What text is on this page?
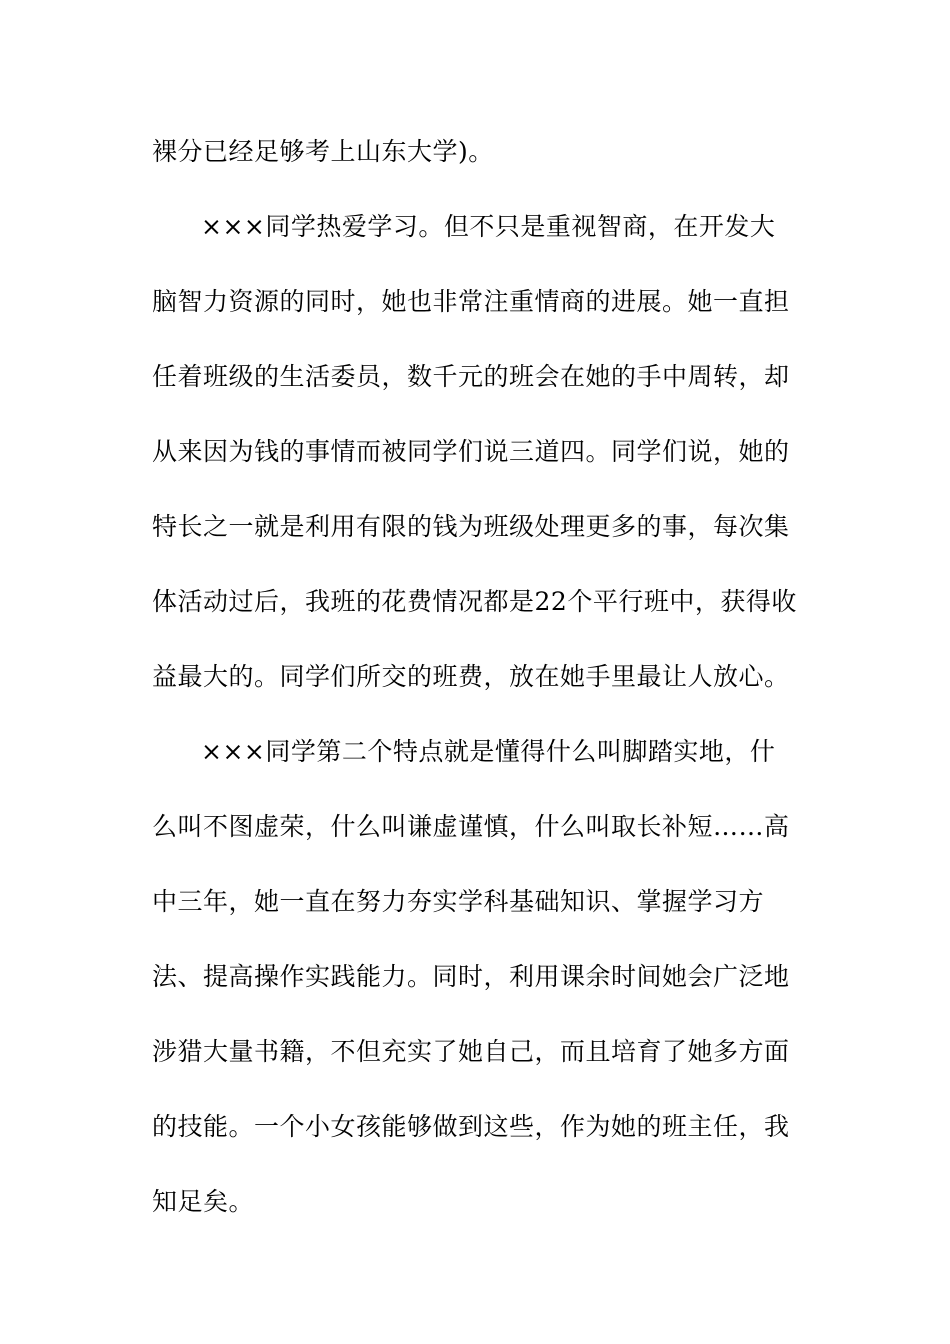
裸分已经足够考上山东大学)。
×××同学热爱学习。但不只是重视智商，在开发大
脑智力资源的同时，她也非常注重情商的进展。她一直担
任着班级的生活委员，数千元的班会在她的手中周转，却
从来因为钱的事情而被同学们说三道四。同学们说，她的
特长之一就是利用有限的钱为班级处理更多的事，每次集
体活动过后，我班的花费情况都是22个平行班中，获得收
益最大的。同学们所交的班费，放在她手里最让人放心。
×××同学第二个特点就是懂得什么叫脚踏实地，什
么叫不图虚荣，什么叫谦虚谨慎，什么叫取长补短……高
中三年，她一直在努力夯实学科基础知识、掌握学习方
法、提高操作实践能力。同时，利用课余时间她会广泛地
涉猎大量书籍，不但充实了她自己，而且培育了她多方面
的技能。一个小女孩能够做到这些，作为她的班主任，我
知足矣。
